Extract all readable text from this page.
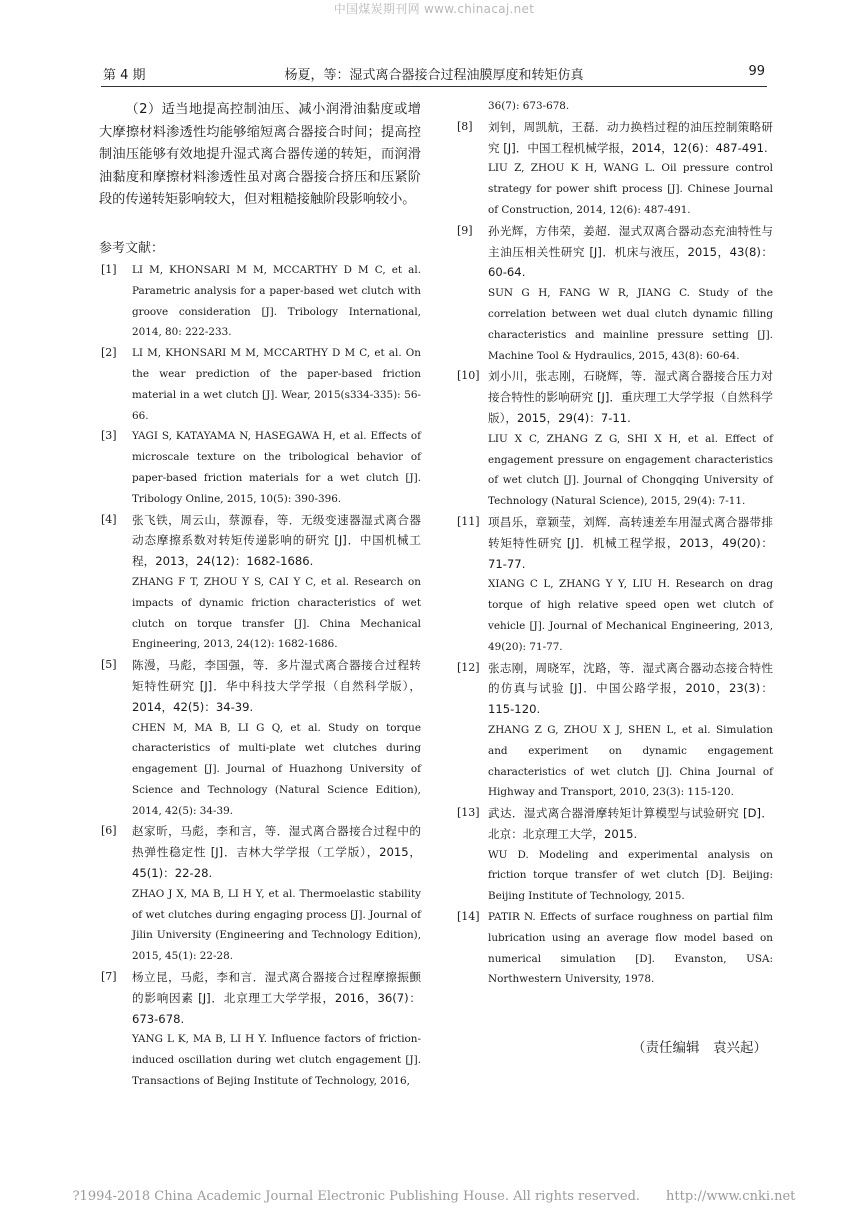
中国煤炭期刊网 www.chinacaj.net
杨夏，等：湿式离合器接合过程油膜厚度和转矩仿真
第 4 期	99

（2）适当地提高控制油压、减小润滑油黏度或增大摩擦材料渗透性均能够缩短离合器接合时间；提高控制油压能够有效地提升湿式离合器传递的转矩，而润滑油黏度和摩擦材料渗透性虽对离合器接合挤压和压紧阶段的传递转矩影响较大，但对粗糙接触阶段影响较小。

参考文献：
[1] LI M, KHONSARI M M, MCCARTHY D M C, et al. Parametric analysis for a paper-based wet clutch with groove consideration [J]. Tribology International, 2014, 80: 222-233.

[2] LI M, KHONSARI M M, MCCARTHY D M C, et al. On the wear prediction of the paper-based friction material in a wet clutch [J]. Wear, 2015(s334-335): 56-66.

[3] YAGI S, KATAYAMA N, HASEGAWA H, et al. Effects of microscale texture on the tribological behavior of paper-based friction materials for a wet clutch [J]. Tribology Online, 2015, 10(5): 390-396.

[4] 张飞铁，周云山，蔡源春，等．无级变速器湿式离合器动态摩擦系数对转矩传递影响的研究 [J]．中国机械工程，2013，24(12)：1682-1686.

ZHANG F T, ZHOU Y S, CAI Y C, et al. Research on impacts of dynamic friction characteristics of wet clutch on torque transfer [J]. China Mechanical Engineering, 2013, 24(12): 1682-1686.

[5] 陈漫，马彪，李国强，等．多片湿式离合器接合过程转矩特性研究 [J]．华中科技大学学报（自然科学版），2014，42(5)：34-39.

CHEN M, MA B, LI G Q, et al. Study on torque characteristics of multi-plate wet clutches during engagement [J]. Journal of Huazhong University of Science and Technology (Natural Science Edition), 2014, 42(5): 34-39.

[6] 赵家昕，马彪，李和言，等．湿式离合器接合过程中的热弹性稳定性 [J]．吉林大学学报（工学版），2015，45(1)：22-28.

ZHAO J X, MA B, LI H Y, et al. Thermoelastic stability of wet clutches during engaging process [J]. Journal of Jilin University (Engineering and Technology Edition), 2015, 45(1): 22-28.

[7] 杨立昆，马彪，李和言．湿式离合器接合过程摩擦振颤的影响因素 [J]．北京理工大学学报，2016，36(7)：673-678.

YANG L K, MA B, LI H Y. Influence factors of friction-induced oscillation during wet clutch engagement [J]. Transactions of Bejing Institute of Technology, 2016,

36(7): 673-678.

[8] 刘钊，周凯航，王磊．动力换档过程的油压控制策略研究 [J]．中国工程机械学报，2014，12(6)：487-491.

LIU Z, ZHOU K H, WANG L. Oil pressure control strategy for power shift process [J]. Chinese Journal of Construction, 2014, 12(6): 487-491.

[9] 孙光辉，方伟荣，姜超．湿式双离合器动态充油特性与主油压相关性研究 [J]．机床与液压，2015，43(8)：60-64.

SUN G H, FANG W R, JIANG C. Study of the correlation between wet dual clutch dynamic filling characteristics and mainline pressure setting [J]. Machine Tool & Hydraulics, 2015, 43(8): 60-64.

[10] 刘小川，张志刚，石晓辉，等．湿式离合器接合压力对接合特性的影响研究 [J]．重庆理工大学学报（自然科学版），2015，29(4)：7-11.

LIU X C, ZHANG Z G, SHI X H, et al. Effect of engagement pressure on engagement characteristics of wet clutch [J]. Journal of Chongqing University of Technology (Natural Science), 2015, 29(4): 7-11.

[11] 项昌乐，章颖莹，刘辉．高转速差车用湿式离合器带排转矩特性研究 [J]．机械工程学报，2013，49(20)：71-77.

XIANG C L, ZHANG Y Y, LIU H. Research on drag torque of high relative speed open wet clutch of vehicle [J]. Journal of Mechanical Engineering, 2013, 49(20): 71-77.

[12] 张志刚，周晓军，沈路，等．湿式离合器动态接合特性的仿真与试验 [J]．中国公路学报，2010，23(3)：115-120.

ZHANG Z G, ZHOU X J, SHEN L, et al. Simulation and experiment on dynamic engagement characteristics of wet clutch [J]. China Journal of Highway and Transport, 2010, 23(3): 115-120.

[13] 武达．湿式离合器滑摩转矩计算模型与试验研究 [D]．北京：北京理工大学，2015.

WU D. Modeling and experimental analysis on friction torque transfer of wet clutch [D]. Beijing: Beijing Institute of Technology, 2015.

[14] PATIR N. Effects of surface roughness on partial film lubrication using an average flow model based on numerical simulation [D]. Evanston, USA: Northwestern University, 1978.

（责任编辑　袁兴起）
?1994-2018 China Academic Journal Electronic Publishing House. All rights reserved.　　http://www.cnki.net
